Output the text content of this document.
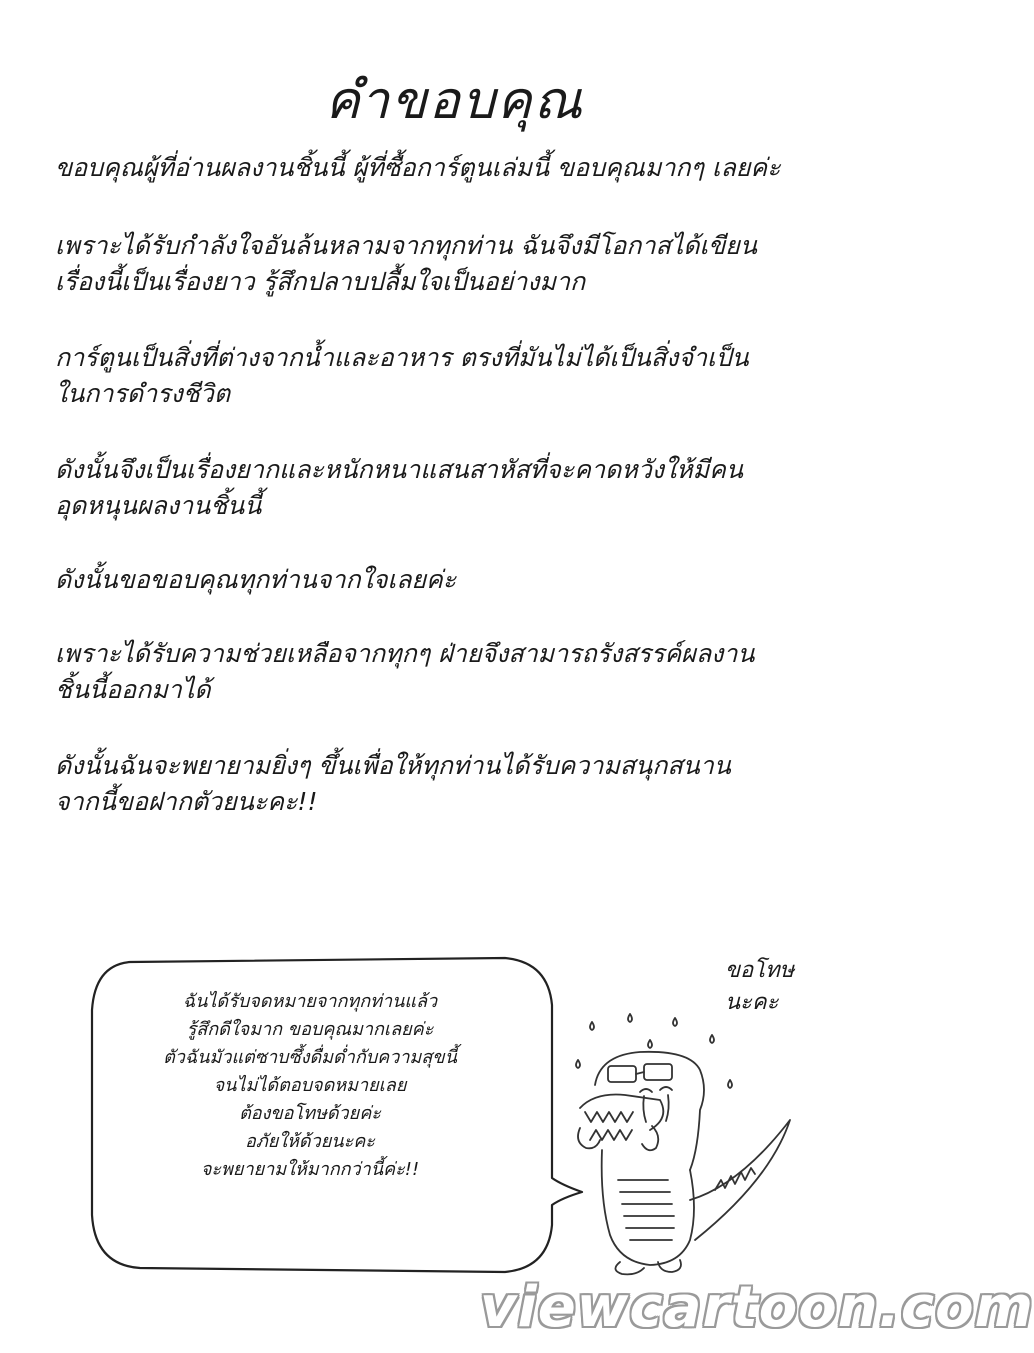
คำขอบคุณ
ขอบคุณผู้ที่อ่านผลงานชิ้นนี้ ผู้ที่ซื้อการ์ตูนเล่มนี้ ขอบคุณมากๆ เลยค่ะ
เพราะได้รับกำลังใจอันล้นหลามจากทุกท่าน ฉันจึงมีโอกาสได้เขียน
เรื่องนี้เป็นเรื่องยาว รู้สึกปลาบปลื้มใจเป็นอย่างมาก
การ์ตูนเป็นสิ่งที่ต่างจากน้ำและอาหาร ตรงที่มันไม่ได้เป็นสิ่งจำเป็น
ในการดำรงชีวิต
ดังนั้นจึงเป็นเรื่องยากและหนักหนาแสนสาหัสที่จะคาดหวังให้มีคน
อุดหนุนผลงานชิ้นนี้
ดังนั้นขอขอบคุณทุกท่านจากใจเลยค่ะ
เพราะได้รับความช่วยเหลือจากทุกๆ ฝ่ายจึงสามารถรังสรรค์ผลงาน
ชิ้นนี้ออกมาได้
ดังนั้นฉันจะพยายามยิ่งๆ ขึ้นเพื่อให้ทุกท่านได้รับความสนุกสนาน
จากนี้ขอฝากตัวยนะคะ!!
ขอโทษ
นะคะ
ฉันได้รับจดหมายจากทุกท่านแล้ว
รู้สึกดีใจมาก ขอบคุณมากเลยค่ะ
ตัวฉันมัวแต่ซาบซึ้งดื่มด่ำกับความสุขนี้
จนไม่ได้ตอบจดหมายเลย
ต้องขอโทษด้วยค่ะ
อภัยให้ด้วยนะคะ
จะพยายามให้มากกว่านี้ค่ะ!!
viewcartoon.com
